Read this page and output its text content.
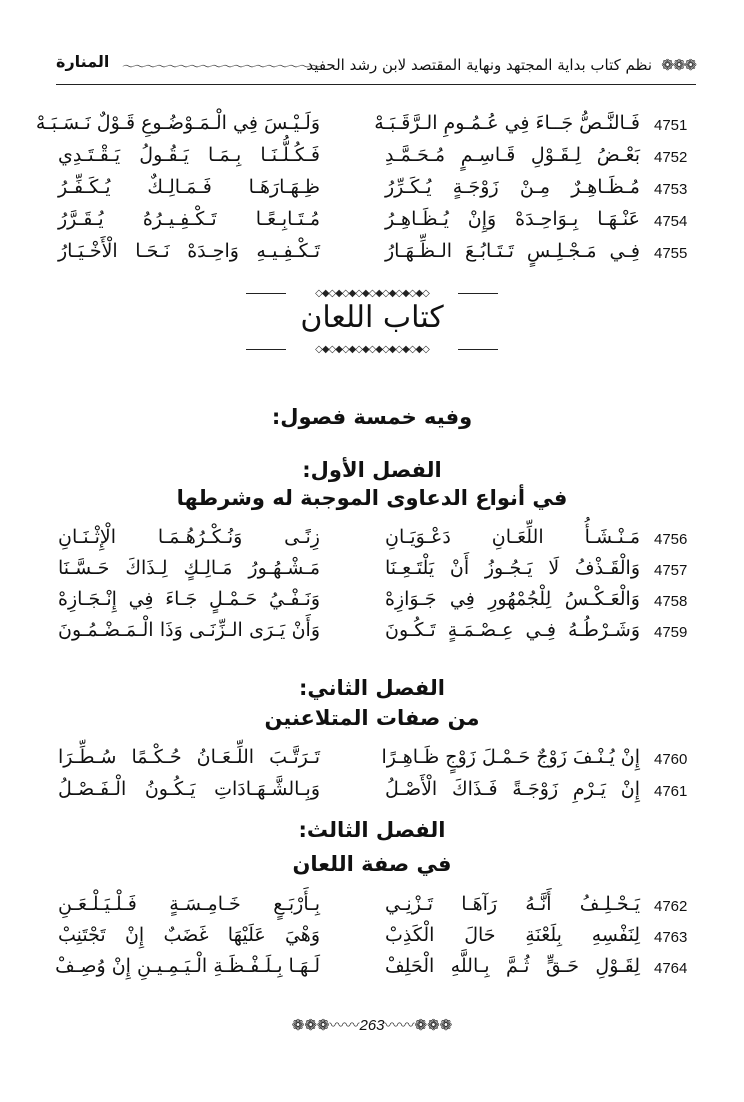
❁❁❁
نظم كتاب بداية المجتهد ونهاية المقتصد لابن رشد الحفيد
〜〜〜〜〜〜〜〜〜〜〜〜〜〜〜〜〜〜
المنارة
4751
فَـالنَّـصُّ جَــاءَ فِي عُـمُـومِ الـرَّقَـبَـهْ
وَلَـيْـسَ فِي الْـمَـوْضُـوعِ قَـوْلٌ نَـسَـبَـهْ
4752
بَعْـضُ لِـقَـوْلِ قَـاسِـمٍ مُـحَـمَّـدِ
فَـكُـلُّـنَـا بِـمَـا يَـقُـولُ يَـقْـتَـدِي
4753
مُـظَـاهِـرٌ مِـنْ زَوْجَـةٍ يُـكَـرِّرُ
ظِـهَـارَهَـا فَـمَـالِـكٌ يُـكَـفِّـرُ
4754
عَنْـهَـا بِـوَاحِـدَهْ وَإِنْ يُـظَـاهِـرُ
مُـتَـابِـعًـا تَـكْـفِـيـرُهُ يُـقَـرَّرُ
4755
فِـي مَـجْـلِـسٍ تَـتَـابُـعَ الـظِّـهَـارُ
تَـكْـفِـيـهِ وَاحِـدَهْ نَـحَـا الْأَخْـيَـارُ
◇◆◇◆◇◆◇◆◇◆◇◆◇◆◇◆◇
كتاب اللعان
◇◆◇◆◇◆◇◆◇◆◇◆◇◆◇◆◇
وفيه خمسة فصول:
الفصل الأول:
في أنواع الدعاوى الموجبة له وشرطها
4756
مَـنْـشَـأُ اللِّعَـانِ دَعْـوَيَـانِ
زِنًـى وَنُـكْـرُهُـمَـا الْإِثْـنَـانِ
4757
وَالْقَـذْفُ لَا يَـجُـوزُ أَنْ يَلْتَـعِـنَا
مَـشْـهُـورُ مَـالِـكٍ لِـذَاكَ حَـسَّـنَا
4758
وَالْعَـكْـسُ لِلْجُمْهُورِ فِي جَـوَازِهْ
وَنَـفْـيُ حَـمْـلٍ جَـاءَ فِي إِنْـجَـازِهْ
4759
وَشَـرْطُـهُ فِـي عِـصْـمَـةٍ تَـكُـونَ
وَأَنْ يَـرَى الـزِّنَـى وَذَا الْـمَـضْـمُـونَ
الفصل الثاني:
من صفات المتلاعنين
4760
إِنْ يُـنْـفَ زَوْجٌ حَـمْـلَ زَوْجٍ ظَـاهِـرًا
تَـرَتَّـبَ اللِّـعَـانُ حُـكْـمًا سُـطِّـرَا
4761
إِنْ يَـرْمِ زَوْجَـةً فَـذَاكَ الْأَصْـلُ
وَبِـالشَّـهَـادَاتِ يَـكُـونُ الْـفَـصْـلُ
الفصل الثالث:
في صفة اللعان
4762
يَـحْـلِـفُ أَنَّـهُ رَآهَـا تَـزْنِـي
بِـأَرْبَـعٍ خَـامِـسَـةٍ فَـلْـيَـلْـعَـنِ
4763
لِنَفْسِهِ بِلَعْنَةِ حَالَ الْكَذِبْ
وَهْيَ عَلَيْهَا غَضَبٌ إِنْ تَجْتَنِبْ
4764
لِقَـوْلِ حَـقٍّ ثُـمَّ بِـاللَّهِ الْحَلِفْ
لَـهَـا بِـلَـفْـظَـةِ الْـيَـمِـيـنِ إِنْ وُصِـفْ
❁❁❁〰〰263〰〰❁❁❁
